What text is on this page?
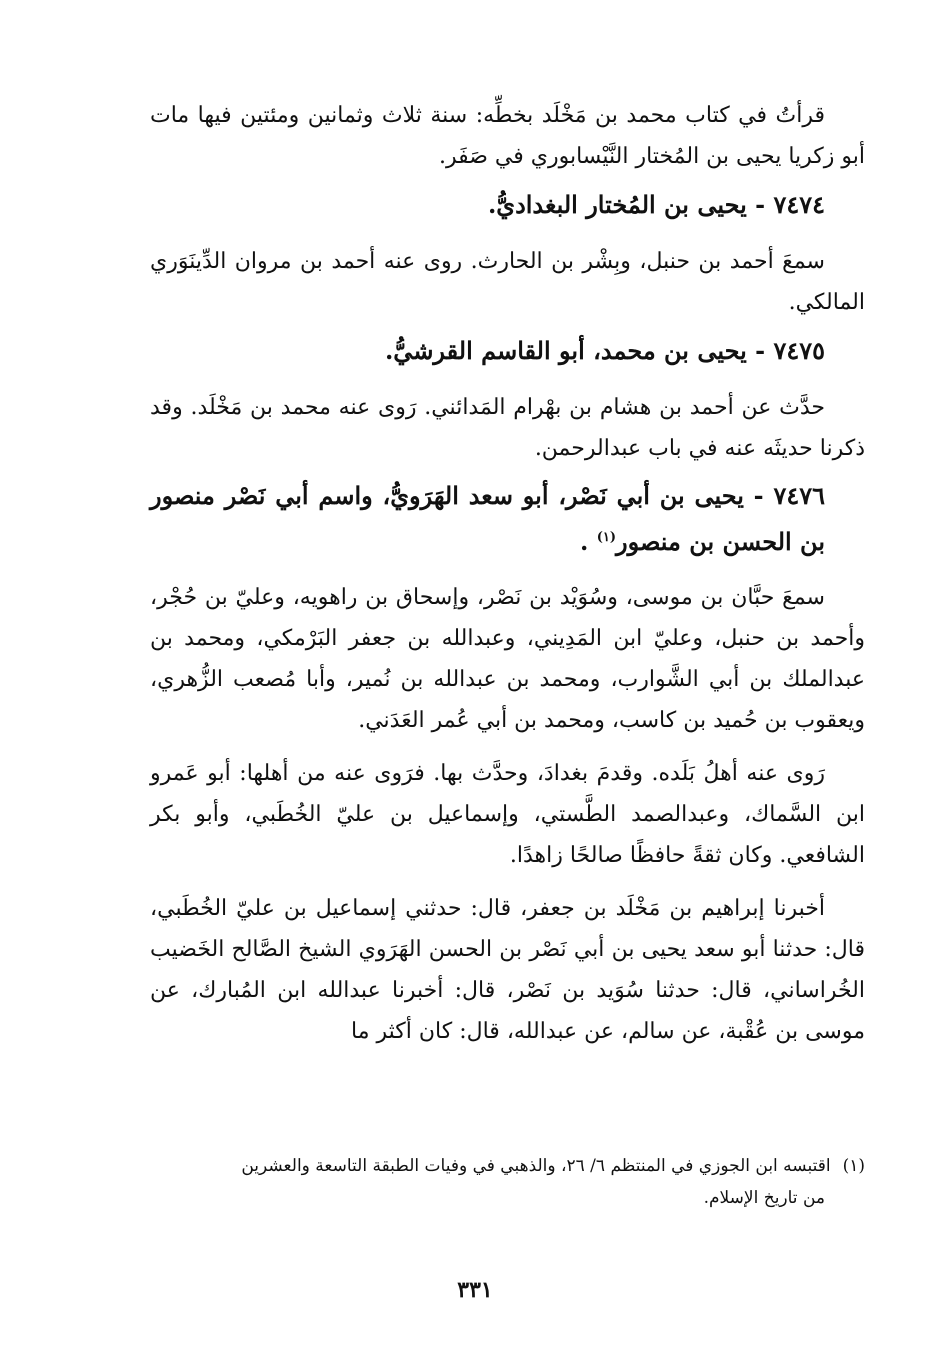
قرأتُ في كتاب محمد بن مَخْلَد بخطِّه: سنة ثلاث وثمانين ومئتين فيها مات أبو زكريا يحيى بن المُختار النَّيْسابوري في صَفَر.

٧٤٧٤ - يحيى بن المُختار البغداديُّ.

سمعَ أحمد بن حنبل، وبِشْر بن الحارث. روى عنه أحمد بن مروان الدِّينَوَري المالكي.

٧٤٧٥ - يحيى بن محمد، أبو القاسم القرشيُّ.

حدَّث عن أحمد بن هشام بن بهْرام المَدائني. رَوى عنه محمد بن مَخْلَد. وقد ذكرنا حديثَه عنه في باب عبدالرحمن.

٧٤٧٦ - يحيى بن أبي نَصْر، أبو سعد الهَرَويُّ، واسم أبي نَصْر منصور بن الحسن بن منصور$^{(١)}$ .

سمعَ حبَّان بن موسى، وسُوَيْد بن نَصْر، وإسحاق بن راهويه، وعليّ بن حُجْر، وأحمد بن حنبل، وعليّ ابن المَدِيني، وعبدالله بن جعفر البَرْمكي، ومحمد بن عبدالملك بن أبي الشَّوارب، ومحمد بن عبدالله بن نُمير، وأبا مُصعب الزُّهري، ويعقوب بن حُميد بن كاسب، ومحمد بن أبي عُمر العَدَني.

رَوى عنه أهلُ بَلَده. وقدمَ بغدادَ، وحدَّث بها. فرَوى عنه من أهلها: أبو عَمرو ابن السَّماك، وعبدالصمد الطَّستي، وإسماعيل بن عليّ الخُطَبي، وأبو بكر الشافعي. وكان ثقةً حافظًا صالحًا زاهدًا.

أخبرنا إبراهيم بن مَخْلَد بن جعفر، قال: حدثني إسماعيل بن عليّ الخُطَبي، قال: حدثنا أبو سعد يحيى بن أبي نَصْر بن الحسن الهَرَوي الشيخ الصَّالح الخَضيب الخُراساني، قال: حدثنا سُوَيد بن نَصْر، قال: أخبرنا عبدالله ابن المُبارك، عن موسى بن عُقْبة، عن سالم، عن عبدالله، قال: كان أكثر ما

(١)اقتبسه ابن الجوزي في المنتظم ٦/ ٢٦، والذهبي في وفيات الطبقة التاسعة والعشرين
من تاريخ الإسلام.
٣٣١
